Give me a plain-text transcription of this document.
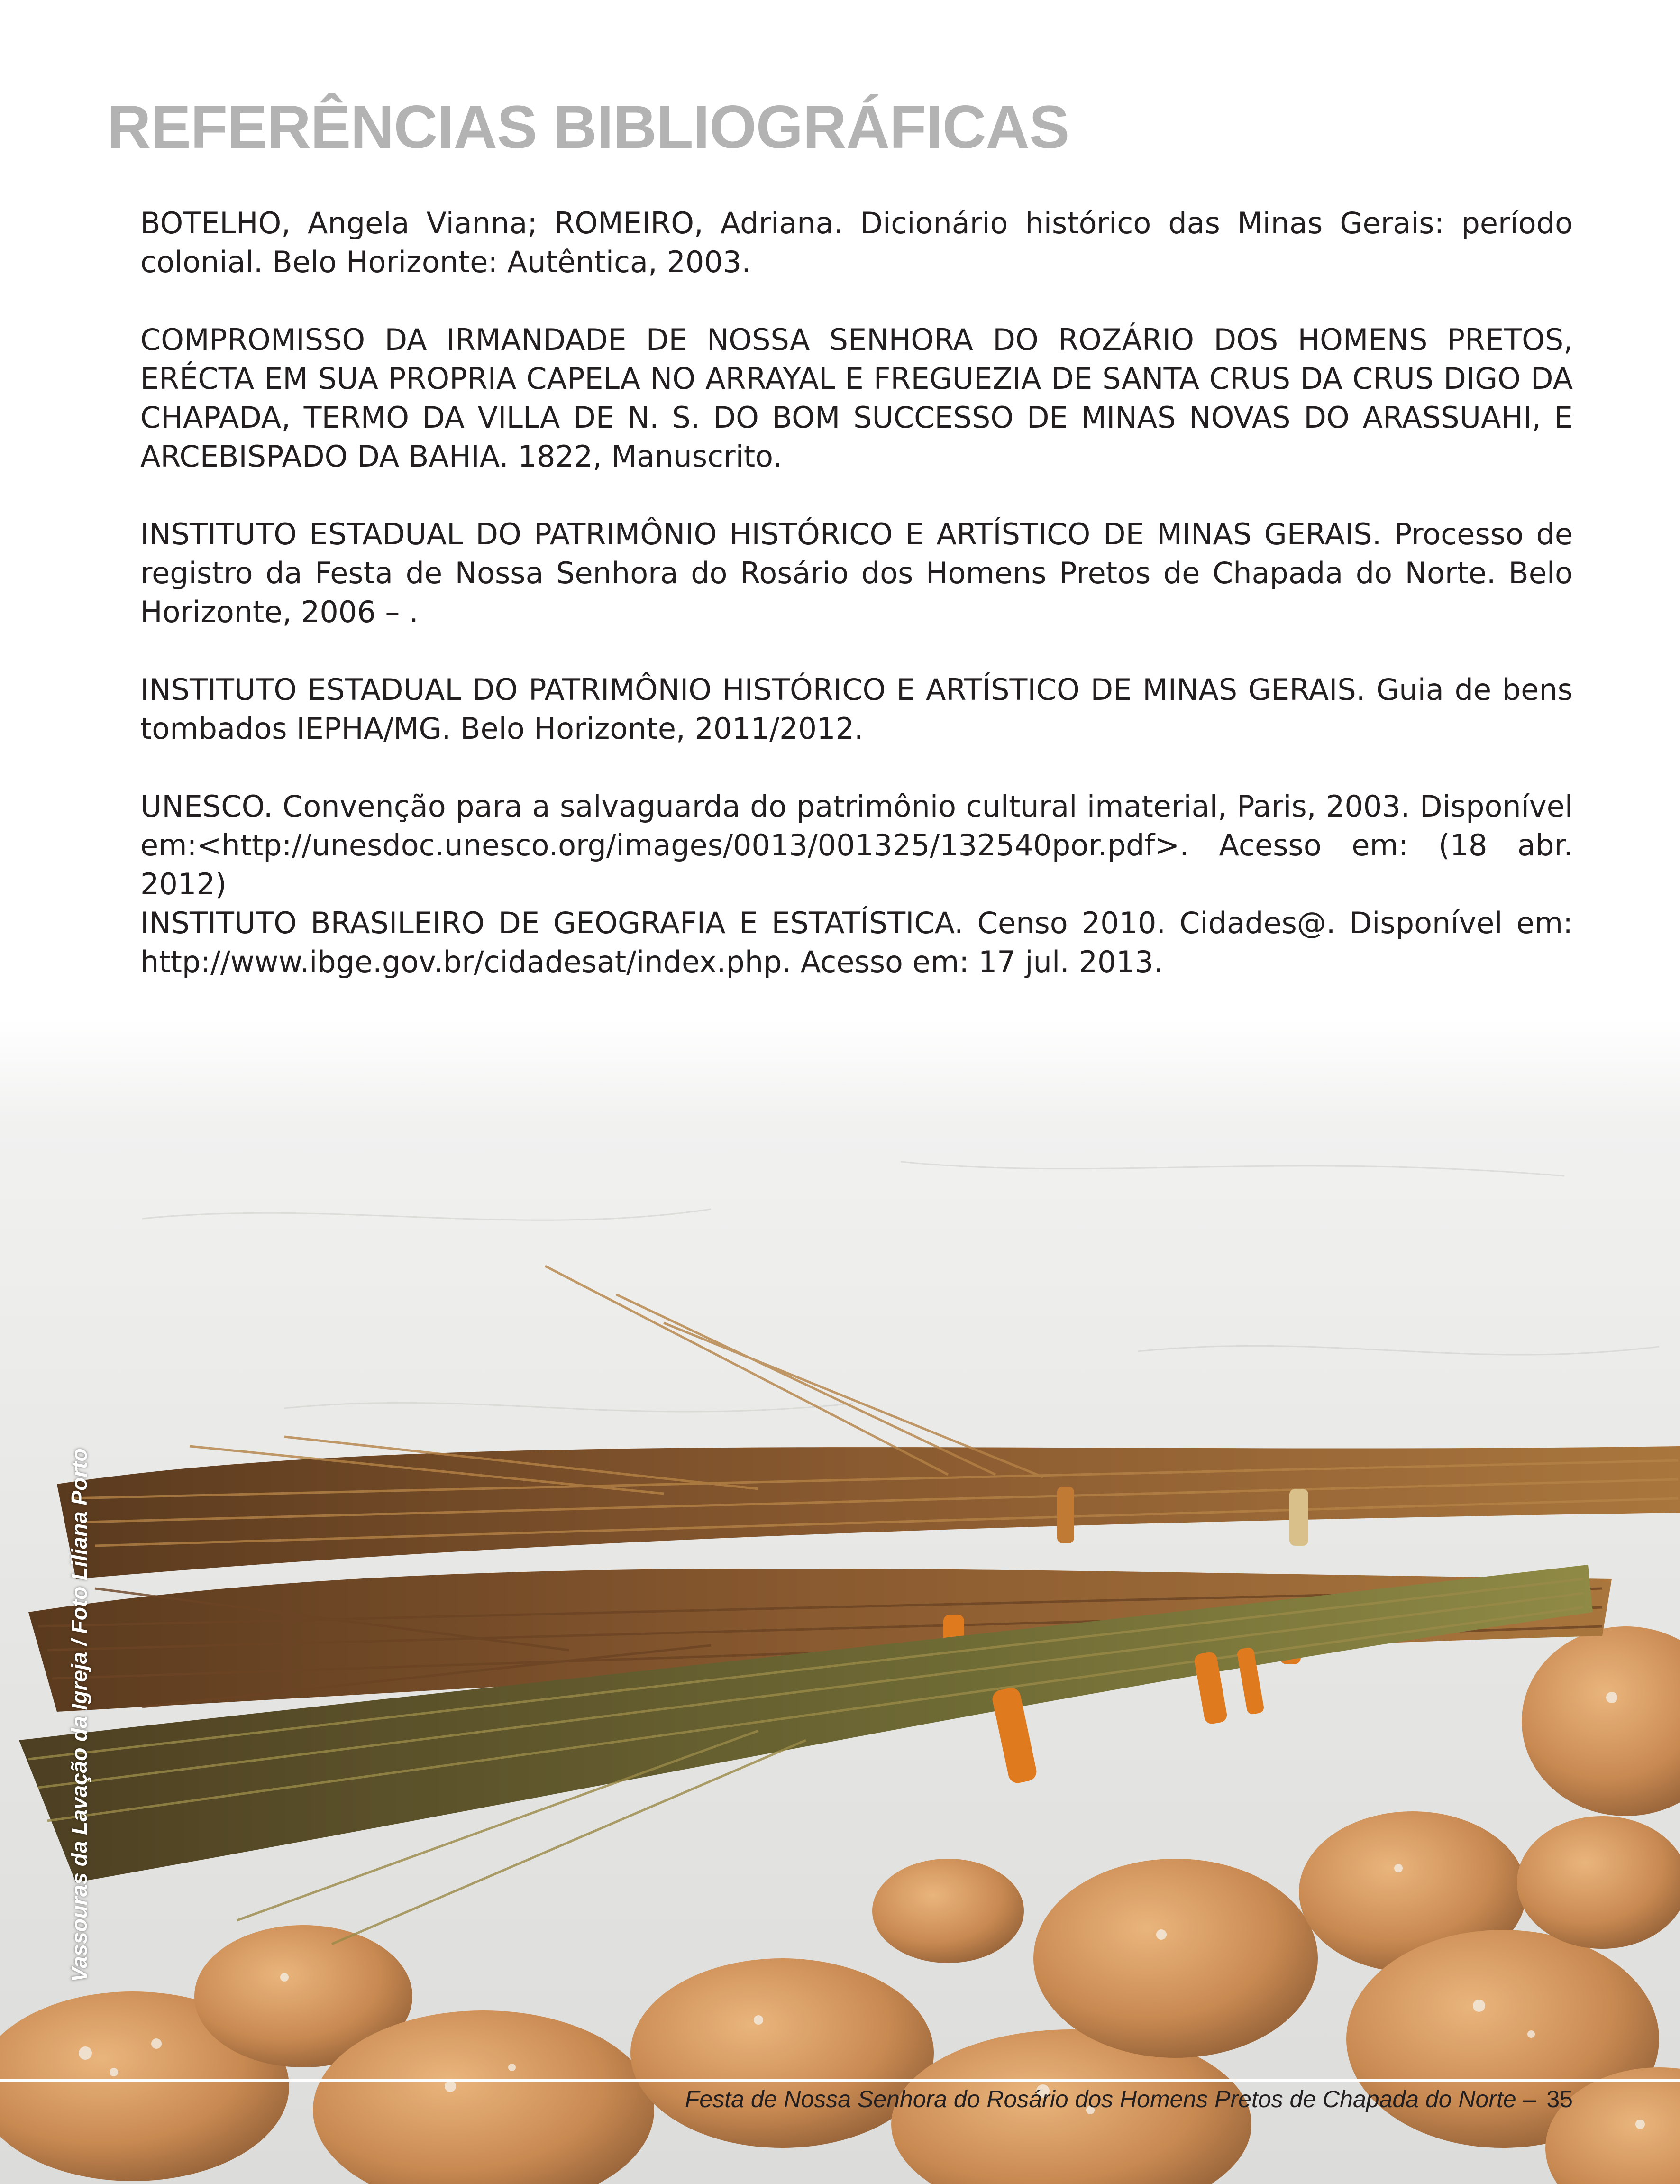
REFERÊNCIAS BIBLIOGRÁFICAS

BOTELHO, Angela Vianna; ROMEIRO, Adriana. Dicionário histórico das Minas Gerais: período colonial. Belo Horizonte: Autêntica, 2003.

COMPROMISSO DA IRMANDADE DE NOSSA SENHORA DO ROZÁRIO DOS HOMENS PRETOS, ERÉCTA EM SUA PROPRIA CAPELA NO ARRAYAL E FREGUEZIA DE SANTA CRUS DA CRUS DIGO DA CHAPADA, TERMO DA VILLA DE N. S. DO BOM SUCCESSO DE MINAS NOVAS DO ARASSUAHI, E ARCEBISPADO DA BAHIA. 1822, Manuscrito.

INSTITUTO ESTADUAL DO PATRIMÔNIO HISTÓRICO E ARTÍSTICO DE MINAS GERAIS. Processo de registro da Festa de Nossa Senhora do Rosário dos Homens Pretos de Chapada do Norte. Belo Horizonte, 2006 – .

INSTITUTO ESTADUAL DO PATRIMÔNIO HISTÓRICO E ARTÍSTICO DE MINAS GERAIS. Guia de bens tombados IEPHA/MG. Belo Horizonte, 2011/2012.

UNESCO. Convenção para a salvaguarda do patrimônio cultural imaterial, Paris, 2003. Disponível em:<http://unesdoc.unesco.org/images/0013/001325/132540por.pdf>. Acesso em: (18 abr. 2012)

INSTITUTO BRASILEIRO DE GEOGRAFIA E ESTATÍSTICA. Censo 2010. Cidades@. Disponível em: http://www.ibge.gov.br/cidadesat/index.php. Acesso em: 17 jul. 2013.

Vassouras da Lavação da Igreja / Foto Liliana Porto
Festa de Nossa Senhora do Rosário dos Homens Pretos de Chapada do Norte – 35
